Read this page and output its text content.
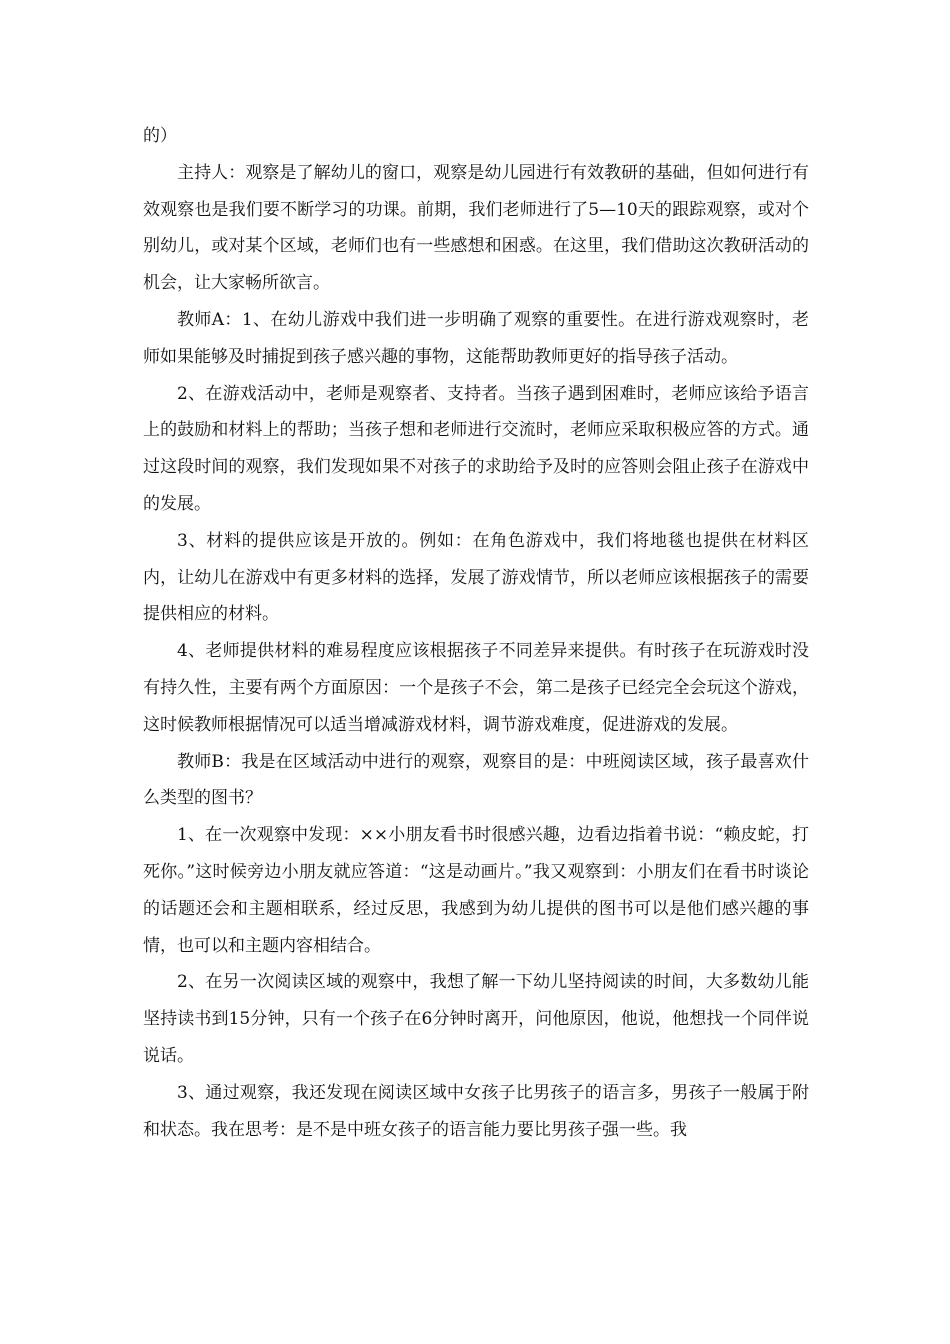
的）

主持人：观察是了解幼儿的窗口，观察是幼儿园进行有效教研的基础，但如何进行有效观察也是我们要不断学习的功课。前期，我们老师进行了5—10天的跟踪观察，或对个别幼儿，或对某个区域，老师们也有一些感想和困惑。在这里，我们借助这次教研活动的机会，让大家畅所欲言。

教师A：1、在幼儿游戏中我们进一步明确了观察的重要性。在进行游戏观察时，老师如果能够及时捕捉到孩子感兴趣的事物，这能帮助教师更好的指导孩子活动。

2、在游戏活动中，老师是观察者、支持者。当孩子遇到困难时，老师应该给予语言上的鼓励和材料上的帮助；当孩子想和老师进行交流时，老师应采取积极应答的方式。通过这段时间的观察，我们发现如果不对孩子的求助给予及时的应答则会阻止孩子在游戏中的发展。

3、材料的提供应该是开放的。例如：在角色游戏中，我们将地毯也提供在材料区内，让幼儿在游戏中有更多材料的选择，发展了游戏情节，所以老师应该根据孩子的需要提供相应的材料。

4、老师提供材料的难易程度应该根据孩子不同差异来提供。有时孩子在玩游戏时没有持久性，主要有两个方面原因：一个是孩子不会，第二是孩子已经完全会玩这个游戏，这时候教师根据情况可以适当增减游戏材料，调节游戏难度，促进游戏的发展。

教师B：我是在区域活动中进行的观察，观察目的是：中班阅读区域，孩子最喜欢什么类型的图书？

1、在一次观察中发现：××小朋友看书时很感兴趣，边看边指着书说：“赖皮蛇，打死你。”这时候旁边小朋友就应答道：“这是动画片。”我又观察到：小朋友们在看书时谈论的话题还会和主题相联系，经过反思，我感到为幼儿提供的图书可以是他们感兴趣的事情，也可以和主题内容相结合。

2、在另一次阅读区域的观察中，我想了解一下幼儿坚持阅读的时间，大多数幼儿能坚持读书到15分钟，只有一个孩子在6分钟时离开，问他原因，他说，他想找一个同伴说说话。

3、通过观察，我还发现在阅读区域中女孩子比男孩子的语言多，男孩子一般属于附和状态。我在思考：是不是中班女孩子的语言能力要比男孩子强一些。我
